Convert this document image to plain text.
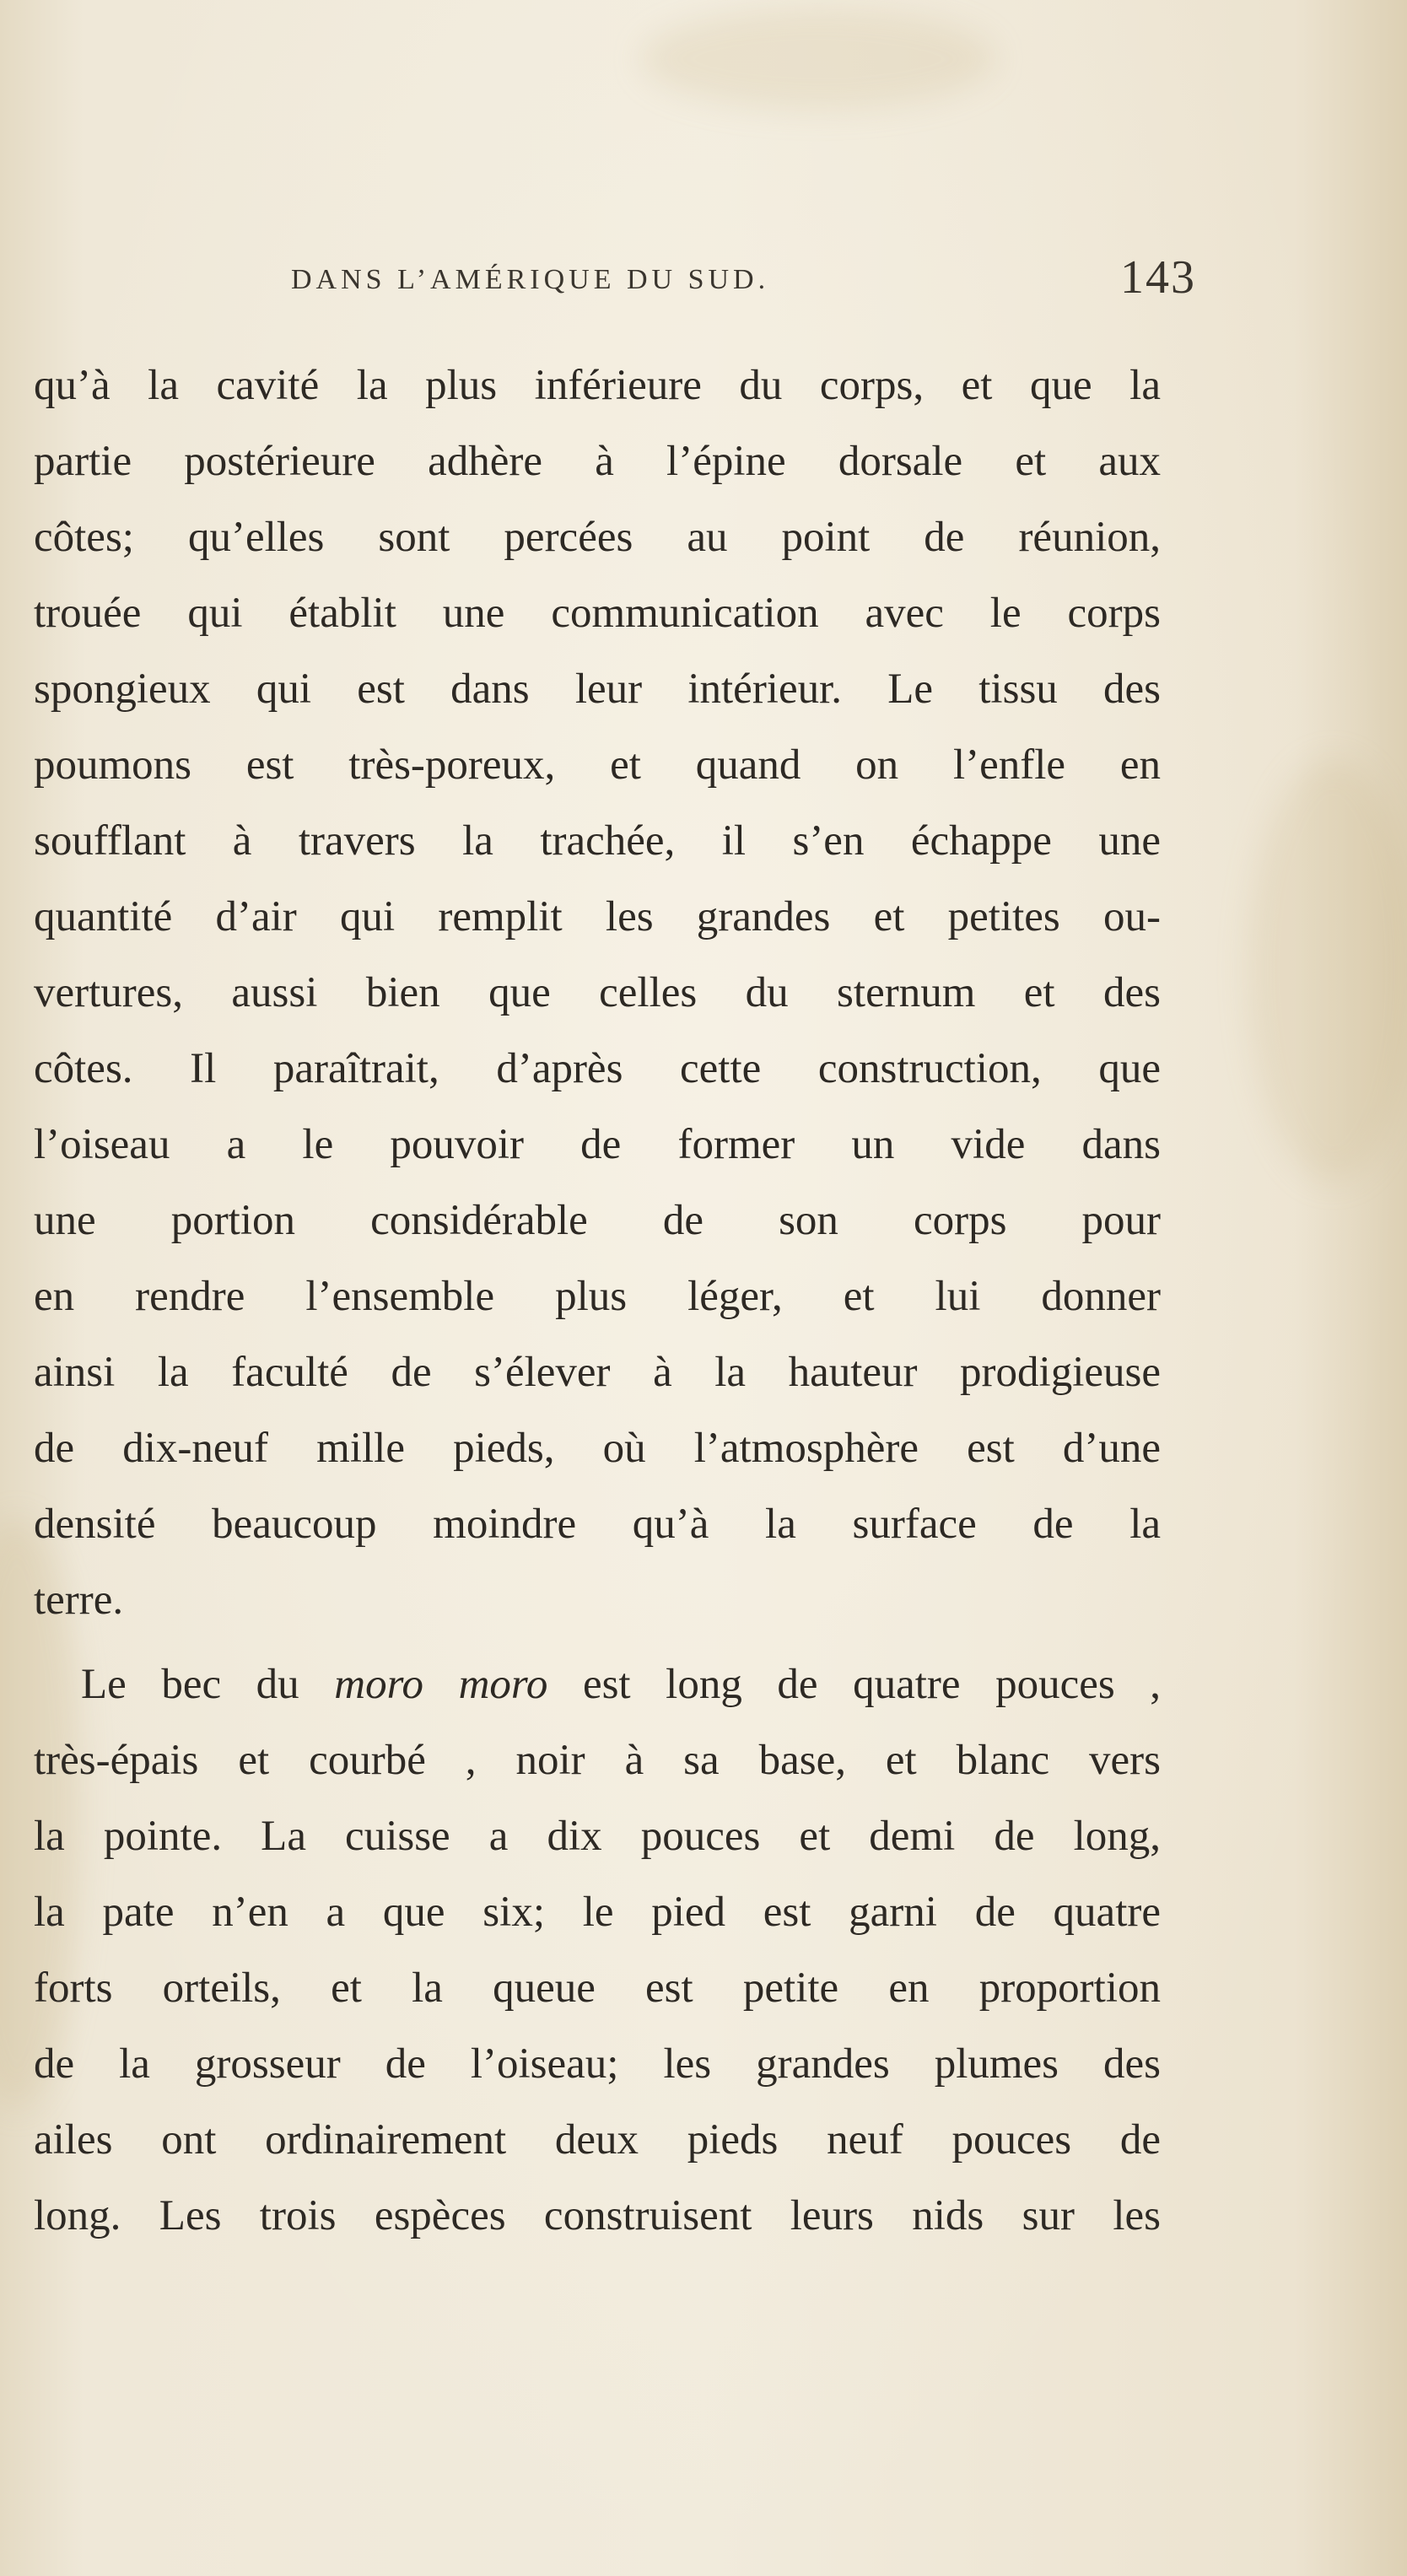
DANS L’AMÉRIQUE DU SUD.	143
qu’à la cavité la plus inférieure du corps, et que la
partie postérieure adhère à l’épine dorsale et aux
côtes; qu’elles sont percées au point de réunion,
trouée qui établit une communication avec le corps
spongieux qui est dans leur intérieur. Le tissu des
poumons est très-poreux, et quand on l’enfle en
soufflant à travers la trachée, il s’en échappe une
quantité d’air qui remplit les grandes et petites ou-
vertures, aussi bien que celles du sternum et des
côtes. Il paraîtrait, d’après cette construction, que
l’oiseau a le pouvoir de former un vide dans
une portion considérable de son corps pour
en rendre l’ensemble plus léger, et lui donner
ainsi la faculté de s’élever à la hauteur prodigieuse
de dix-neuf mille pieds, où l’atmosphère est d’une
densité beaucoup moindre qu’à la surface de la
terre.
Le bec du moro moro est long de quatre pouces ,
très-épais et courbé , noir à sa base, et blanc vers
la pointe. La cuisse a dix pouces et demi de long,
la pate n’en a que six; le pied est garni de quatre
forts orteils, et la queue est petite en proportion
de la grosseur de l’oiseau; les grandes plumes des
ailes ont ordinairement deux pieds neuf pouces de
long. Les trois espèces construisent leurs nids sur les
